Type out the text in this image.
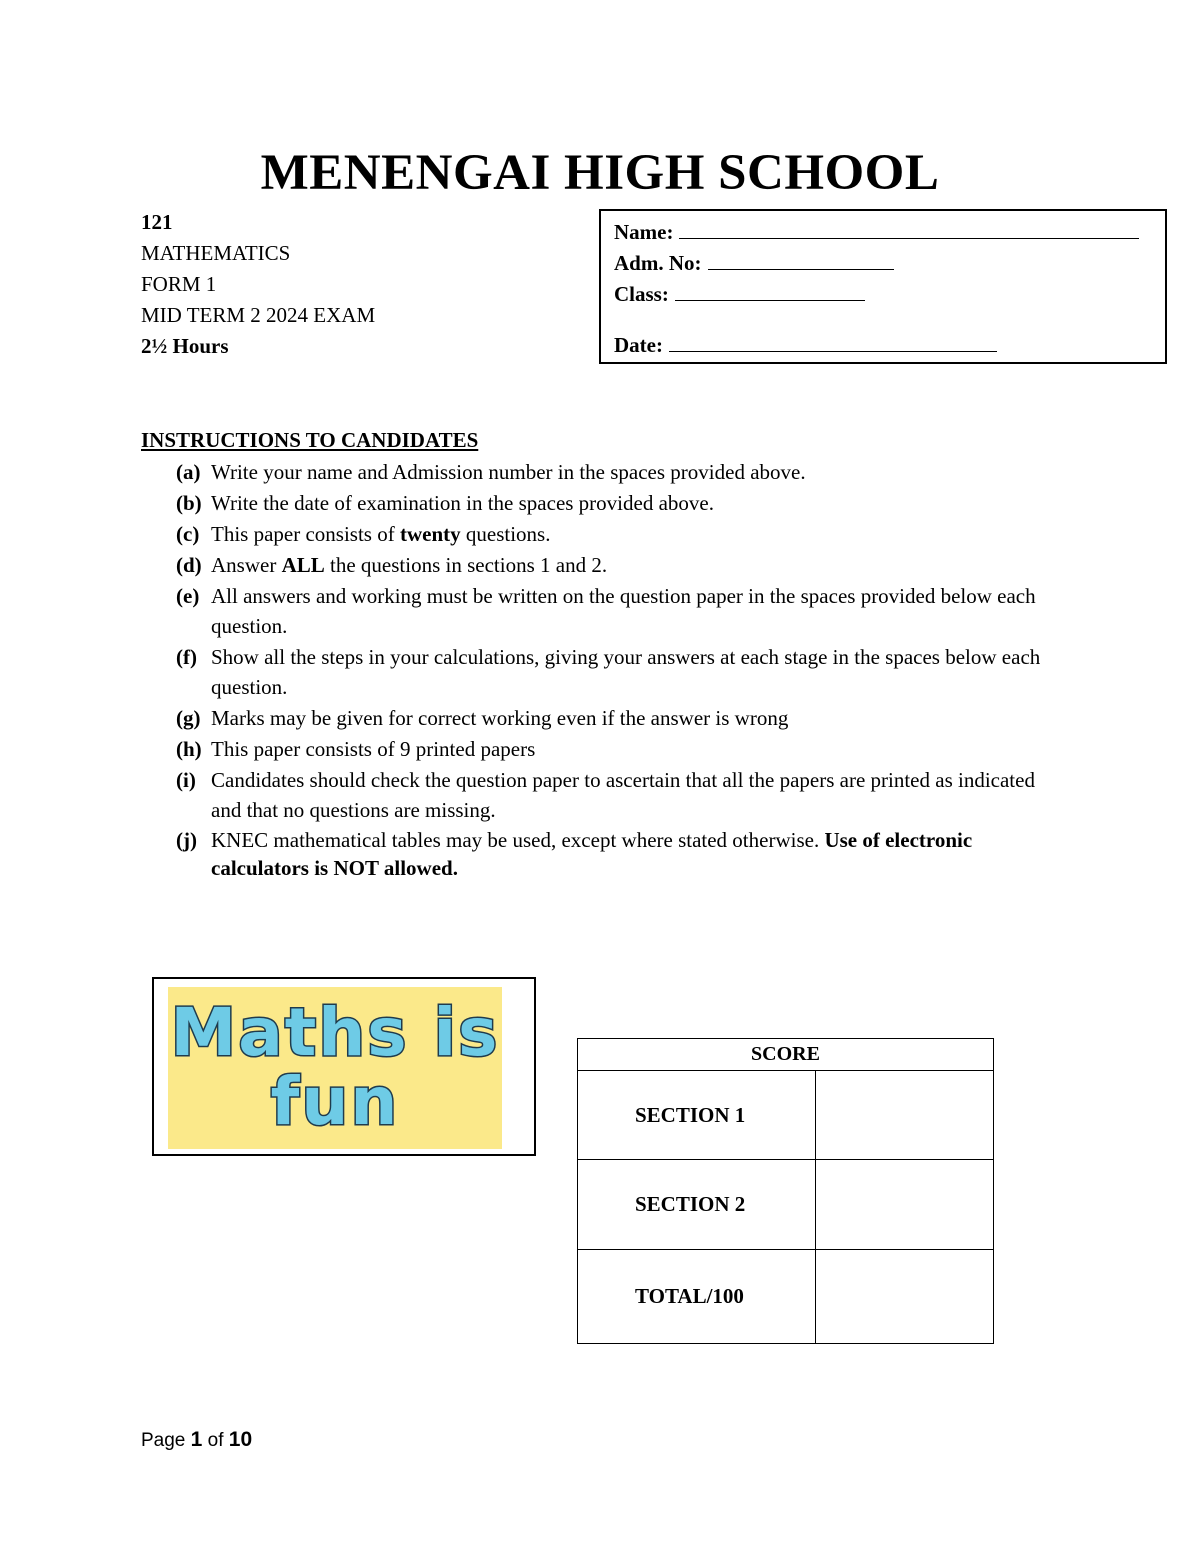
MENENGAI HIGH SCHOOL
121
MATHEMATICS
FORM 1
MID TERM 2 2024 EXAM
2½ Hours
Name:
Adm. No:
Class:
Date:
INSTRUCTIONS TO CANDIDATES
(a) Write your name and Admission number in the spaces provided above.
(b) Write the date of examination in the spaces provided above.
(c) This paper consists of twenty questions.
(d) Answer ALL the questions in sections 1 and 2.
(e) All answers and working must be written on the question paper in the spaces provided below each question.
(f) Show all the steps in your calculations, giving your answers at each stage in the spaces below each question.
(g) Marks may be given for correct working even if the answer is wrong
(h) This paper consists of 9 printed papers
(i) Candidates should check the question paper to ascertain that all the papers are printed as indicated and that no questions are missing.
(j) KNEC mathematical tables may be used, except where stated otherwise. Use of electronic calculators is NOT allowed.
Maths is
fun
SCORE	
SECTION 1	
SECTION 2	
TOTAL/100	
Page 1 of 10
